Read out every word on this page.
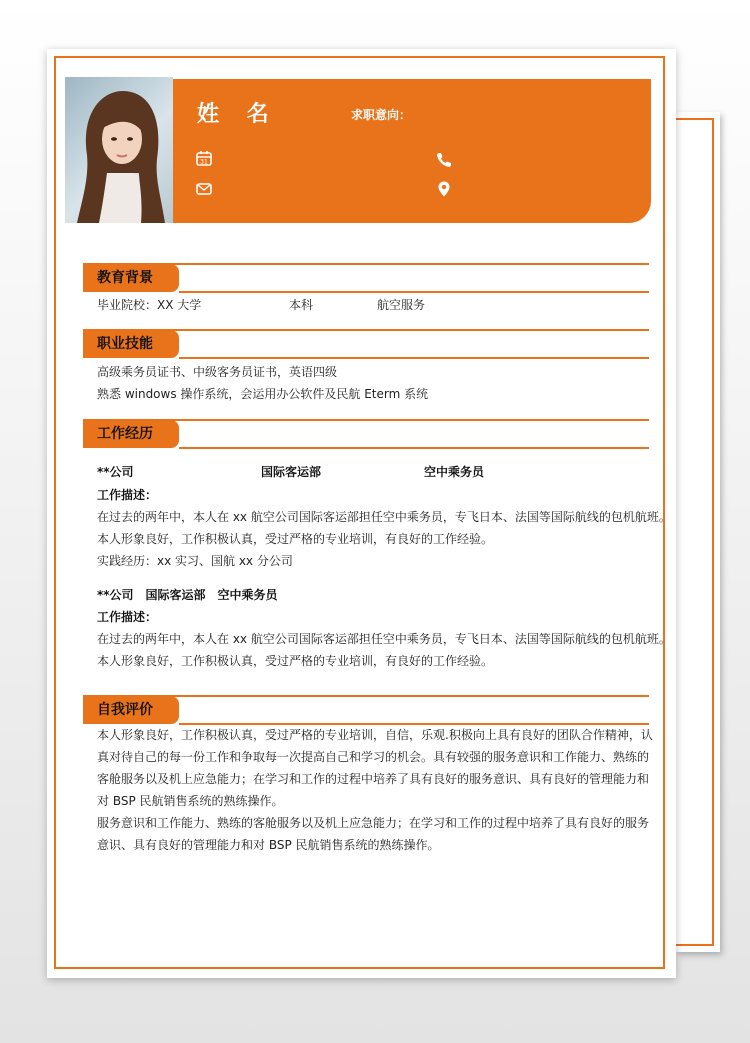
姓 名	求职意向：
31
教育背景
毕业院校：XX 大学	本科	航空服务
职业技能
高级乘务员证书、中级客务员证书，英语四级
熟悉 windows 操作系统，会运用办公软件及民航 Eterm 系统
工作经历
**公司	国际客运部	空中乘务员
工作描述：
在过去的两年中，本人在 xx 航空公司国际客运部担任空中乘务员，专飞日本、法国等国际航线的包机航班。
本人形象良好，工作积极认真，受过严格的专业培训，有良好的工作经验。
实践经历：xx 实习、国航 xx 分公司
**公司　国际客运部　空中乘务员
工作描述：
在过去的两年中，本人在 xx 航空公司国际客运部担任空中乘务员，专飞日本、法国等国际航线的包机航班。
本人形象良好，工作积极认真，受过严格的专业培训，有良好的工作经验。
自我评价
本人形象良好，工作积极认真，受过严格的专业培训，自信，乐观.积极向上具有良好的团队合作精神，认
真对待自己的每一份工作和争取每一次提高自己和学习的机会。具有较强的服务意识和工作能力、熟练的
客舱服务以及机上应急能力；在学习和工作的过程中培养了具有良好的服务意识、具有良好的管理能力和
对 BSP 民航销售系统的熟练操作。
服务意识和工作能力、熟练的客舱服务以及机上应急能力；在学习和工作的过程中培养了具有良好的服务
意识、具有良好的管理能力和对 BSP 民航销售系统的熟练操作。
